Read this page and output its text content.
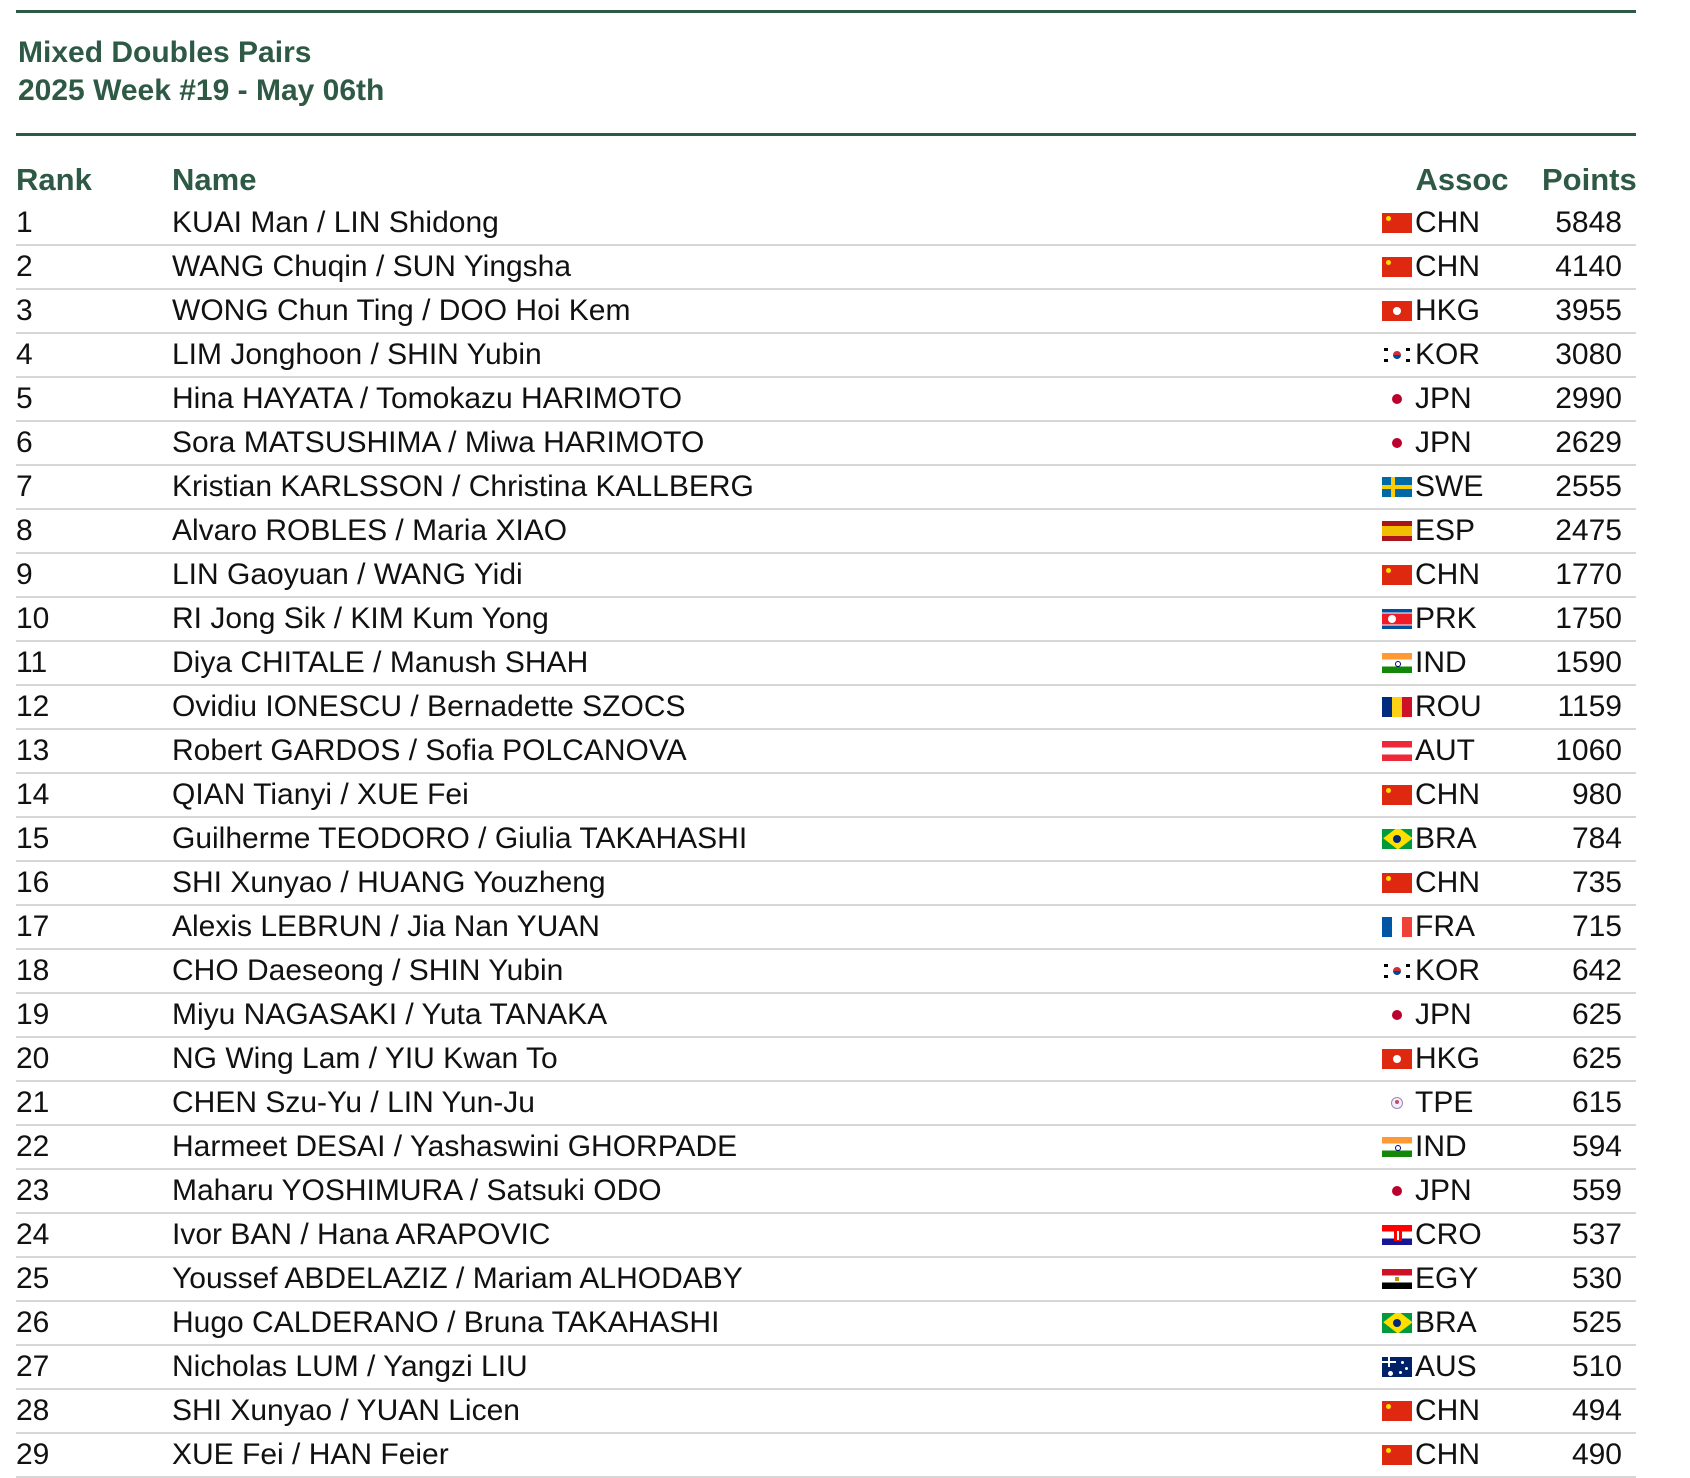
Mixed Doubles Pairs
2025 Week #19 - May 06th
Rank	Name	Assoc	Points
1	KUAI Man / LIN Shidong	CHN	5848
2	WANG Chuqin / SUN Yingsha	CHN	4140
3	WONG Chun Ting / DOO Hoi Kem	HKG	3955
4	LIM Jonghoon / SHIN Yubin	KOR	3080
5	Hina HAYATA / Tomokazu HARIMOTO	JPN	2990
6	Sora MATSUSHIMA / Miwa HARIMOTO	JPN	2629
7	Kristian KARLSSON / Christina KALLBERG	SWE	2555
8	Alvaro ROBLES / Maria XIAO	ESP	2475
9	LIN Gaoyuan / WANG Yidi	CHN	1770
10	RI Jong Sik / KIM Kum Yong	PRK	1750
11	Diya CHITALE / Manush SHAH	IND	1590
12	Ovidiu IONESCU / Bernadette SZOCS	ROU	1159
13	Robert GARDOS / Sofia POLCANOVA	AUT	1060
14	QIAN Tianyi / XUE Fei	CHN	980
15	Guilherme TEODORO / Giulia TAKAHASHI	BRA	784
16	SHI Xunyao / HUANG Youzheng	CHN	735
17	Alexis LEBRUN / Jia Nan YUAN	FRA	715
18	CHO Daeseong / SHIN Yubin	KOR	642
19	Miyu NAGASAKI / Yuta TANAKA	JPN	625
20	NG Wing Lam / YIU Kwan To	HKG	625
21	CHEN Szu-Yu / LIN Yun-Ju	TPE	615
22	Harmeet DESAI / Yashaswini GHORPADE	IND	594
23	Maharu YOSHIMURA / Satsuki ODO	JPN	559
24	Ivor BAN / Hana ARAPOVIC	CRO	537
25	Youssef ABDELAZIZ / Mariam ALHODABY	EGY	530
26	Hugo CALDERANO / Bruna TAKAHASHI	BRA	525
27	Nicholas LUM / Yangzi LIU	AUS	510
28	SHI Xunyao / YUAN Licen	CHN	494
29	XUE Fei / HAN Feier	CHN	490
